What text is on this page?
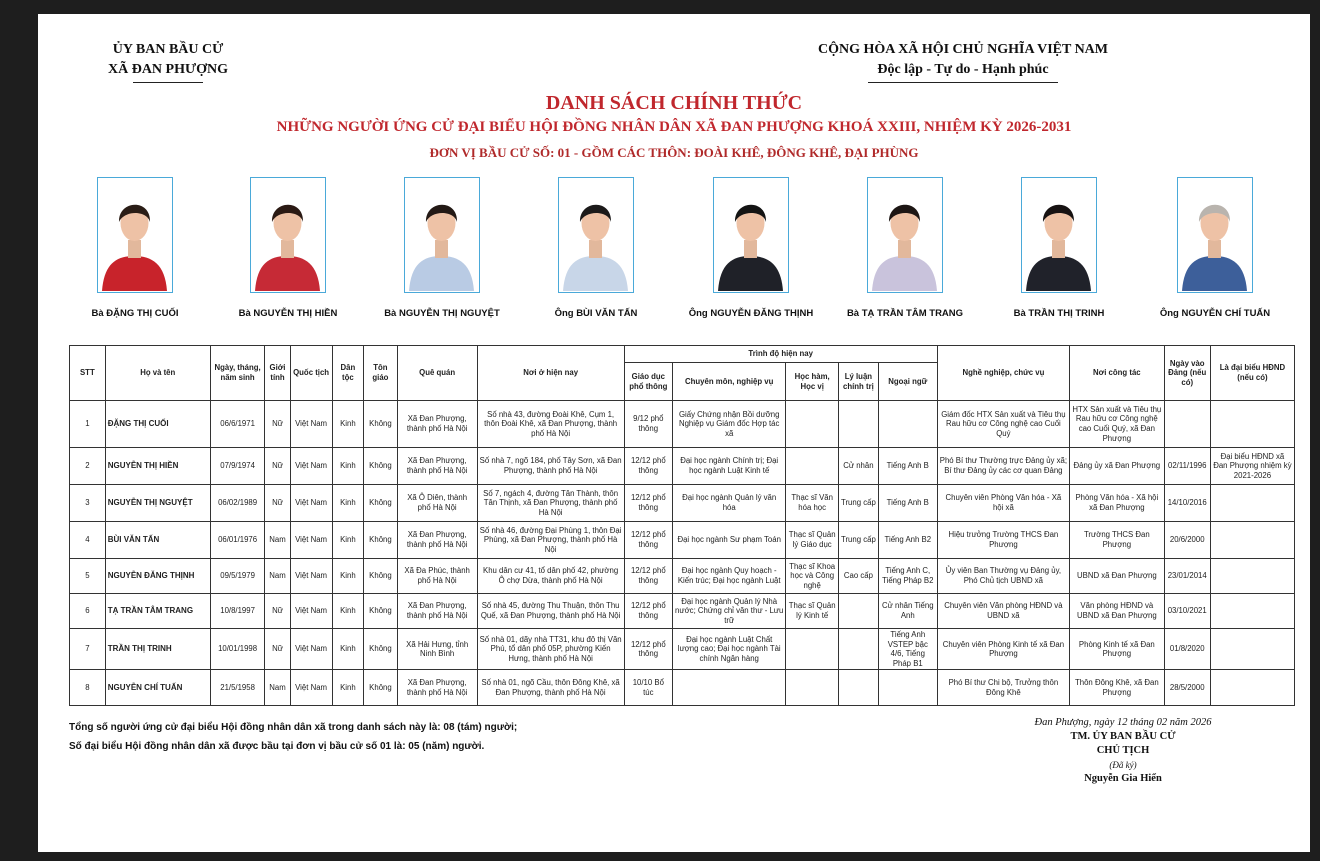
ỦY BAN BẦU CỬ
XÃ ĐAN PHƯỢNG
CỘNG HÒA XÃ HỘI CHỦ NGHĨA VIỆT NAM
Độc lập - Tự do - Hạnh phúc
DANH SÁCH CHÍNH THỨC
NHỮNG NGƯỜI ỨNG CỬ ĐẠI BIỂU HỘI ĐỒNG NHÂN DÂN XÃ ĐAN PHƯỢNG KHOÁ XXIII, NHIỆM KỲ 2026-2031
ĐƠN VỊ BẦU CỬ SỐ: 01 - GỒM CÁC THÔN: ĐOÀI KHÊ, ĐÔNG KHÊ, ĐẠI PHÙNG
Bà ĐẶNG THỊ CUỐI	Bà NGUYỄN THỊ HIỀN	Bà NGUYỄN THỊ NGUYỆT	Ông BÙI VĂN TẤN	Ông NGUYỄN ĐĂNG THỊNH	Bà TẠ TRẦN TÂM TRANG	Bà TRẦN THỊ TRINH	Ông NGUYỄN CHÍ TUẤN
STT	Họ và tên	Ngày, tháng, năm sinh	Giới tính	Quốc tịch	Dân tộc	Tôn giáo	Quê quán	Nơi ở hiện nay	Trình độ hiện nay					Nghề nghiệp, chức vụ	Nơi công tác	Ngày vào Đảng (nếu có)	Là đại biểu HĐND (nếu có)
									Giáo dục phổ thông	Chuyên môn, nghiệp vụ	Học hàm, Học vị	Lý luận chính trị	Ngoại ngữ				
1	ĐẶNG THỊ CUỐI	06/6/1971	Nữ	Việt Nam	Kinh	Không	Xã Đan Phượng, thành phố Hà Nội	Số nhà 43, đường Đoài Khê, Cụm 1, thôn Đoài Khê, xã Đan Phượng, thành phố Hà Nội	9/12 phổ thông	Giấy Chứng nhận Bồi dưỡng Nghiệp vụ Giám đốc Hợp tác xã				Giám đốc HTX Sản xuất và Tiêu thụ Rau hữu cơ Công nghệ cao Cuối Quý	HTX Sản xuất và Tiêu thụ Rau hữu cơ Công nghệ cao Cuối Quý, xã Đan Phượng		
2	NGUYỄN THỊ HIỀN	07/9/1974	Nữ	Việt Nam	Kinh	Không	Xã Đan Phượng, thành phố Hà Nội	Số nhà 7, ngõ 184, phố Tây Sơn, xã Đan Phượng, thành phố Hà Nội	12/12 phổ thông	Đại học ngành Chính trị; Đại học ngành Luật Kinh tế		Cử nhân	Tiếng Anh B	Phó Bí thư Thường trực Đảng ủy xã; Bí thư Đảng ủy các cơ quan Đảng	Đảng ủy xã Đan Phượng	02/11/1996	Đại biểu HĐND xã Đan Phượng nhiệm kỳ 2021-2026
3	NGUYỄN THỊ NGUYỆT	06/02/1989	Nữ	Việt Nam	Kinh	Không	Xã Ô Diên, thành phố Hà Nội	Số 7, ngách 4, đường Tân Thành, thôn Tân Thịnh, xã Đan Phượng, thành phố Hà Nội	12/12 phổ thông	Đại học ngành Quản lý văn hóa	Thạc sĩ Văn hóa học	Trung cấp	Tiếng Anh B	Chuyên viên Phòng Văn hóa - Xã hội xã	Phòng Văn hóa - Xã hội xã Đan Phượng	14/10/2016	
4	BÙI VĂN TẤN	06/01/1976	Nam	Việt Nam	Kinh	Không	Xã Đan Phượng, thành phố Hà Nội	Số nhà 46, đường Đại Phùng 1, thôn Đại Phùng, xã Đan Phượng, thành phố Hà Nội	12/12 phổ thông	Đại học ngành Sư phạm Toán	Thạc sĩ Quản lý Giáo dục	Trung cấp	Tiếng Anh B2	Hiệu trưởng Trường THCS Đan Phượng	Trường THCS Đan Phượng	20/6/2000	
5	NGUYỄN ĐĂNG THỊNH	09/5/1979	Nam	Việt Nam	Kinh	Không	Xã Đa Phúc, thành phố Hà Nội	Khu dân cư 41, tổ dân phố 42, phường Ô chợ Dừa, thành phố Hà Nội	12/12 phổ thông	Đại học ngành Quy hoạch - Kiến trúc; Đại học ngành Luật	Thạc sĩ Khoa học và Công nghệ	Cao cấp	Tiếng Anh C, Tiếng Pháp B2	Ủy viên Ban Thường vụ Đảng ủy, Phó Chủ tịch UBND xã	UBND xã Đan Phượng	23/01/2014	
6	TẠ TRẦN TÂM TRANG	10/8/1997	Nữ	Việt Nam	Kinh	Không	Xã Đan Phượng, thành phố Hà Nội	Số nhà 45, đường Thu Thuận, thôn Thu Quế, xã Đan Phượng, thành phố Hà Nội	12/12 phổ thông	Đại học ngành Quản lý Nhà nước; Chứng chỉ văn thư - Lưu trữ	Thạc sĩ Quản lý Kinh tế		Cử nhân Tiếng Anh	Chuyên viên Văn phòng HĐND và UBND xã	Văn phòng HĐND và UBND xã Đan Phượng	03/10/2021	
7	TRẦN THỊ TRINH	10/01/1998	Nữ	Việt Nam	Kinh	Không	Xã Hải Hưng, tỉnh Ninh Bình	Số nhà 01, dãy nhà TT31, khu đô thị Văn Phú, tổ dân phố 05P, phường Kiến Hưng, thành phố Hà Nội	12/12 phổ thông	Đại học ngành Luật Chất lượng cao; Đại học ngành Tài chính Ngân hàng			Tiếng Anh VSTEP bậc 4/6, Tiếng Pháp B1	Chuyên viên Phòng Kinh tế xã Đan Phượng	Phòng Kinh tế xã Đan Phượng	01/8/2020	
8	NGUYỄN CHÍ TUẤN	21/5/1958	Nam	Việt Nam	Kinh	Không	Xã Đan Phượng, thành phố Hà Nội	Số nhà 01, ngõ Cầu, thôn Đông Khê, xã Đan Phượng, thành phố Hà Nội	10/10 Bổ túc					Phó Bí thư Chi bộ, Trưởng thôn Đông Khê	Thôn Đông Khê, xã Đan Phượng	28/5/2000	
Tổng số người ứng cử đại biểu Hội đồng nhân dân xã trong danh sách này là: 08 (tám) người;
Số đại biểu Hội đồng nhân dân xã được bầu tại đơn vị bầu cử số 01 là: 05 (năm) người.
Đan Phượng, ngày 12 tháng 02 năm 2026
TM. ỦY BAN BẦU CỬ
CHỦ TỊCH
(Đã ký)
Nguyễn Gia Hiển
